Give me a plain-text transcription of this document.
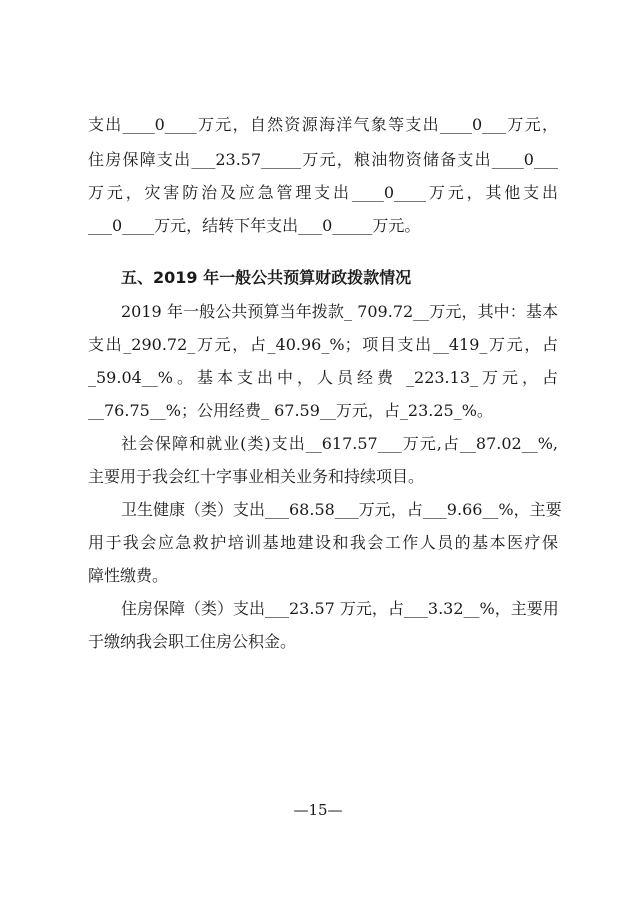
支出____0____万元，自然资源海洋气象等支出____0___万元，
住房保障支出___23.57_____万元，粮油物资储备支出____0___
万元，灾害防治及应急管理支出____0____万元，其他支出
___0____万元，结转下年支出___0_____万元。
五、2019 年一般公共预算财政拨款情况
2019 年一般公共预算当年拨款_ 709.72__万元，其中：基本
支出_290.72_万元，占_40.96_%；项目支出__419_万元，占
_59.04__%。基本支出中，人员经费 _223.13_万元，占
__76.75__%；公用经费_ 67.59__万元，占_23.25_%。
社会保障和就业(类)支出__617.57___万元,占__87.02__%,
主要用于我会红十字事业相关业务和持续项目。
卫生健康（类）支出___68.58___万元，占___9.66__%，主要
用于我会应急救护培训基地建设和我会工作人员的基本医疗保
障性缴费。
住房保障（类）支出___23.57 万元，占___3.32__%，主要用
于缴纳我会职工住房公积金。
—15—
